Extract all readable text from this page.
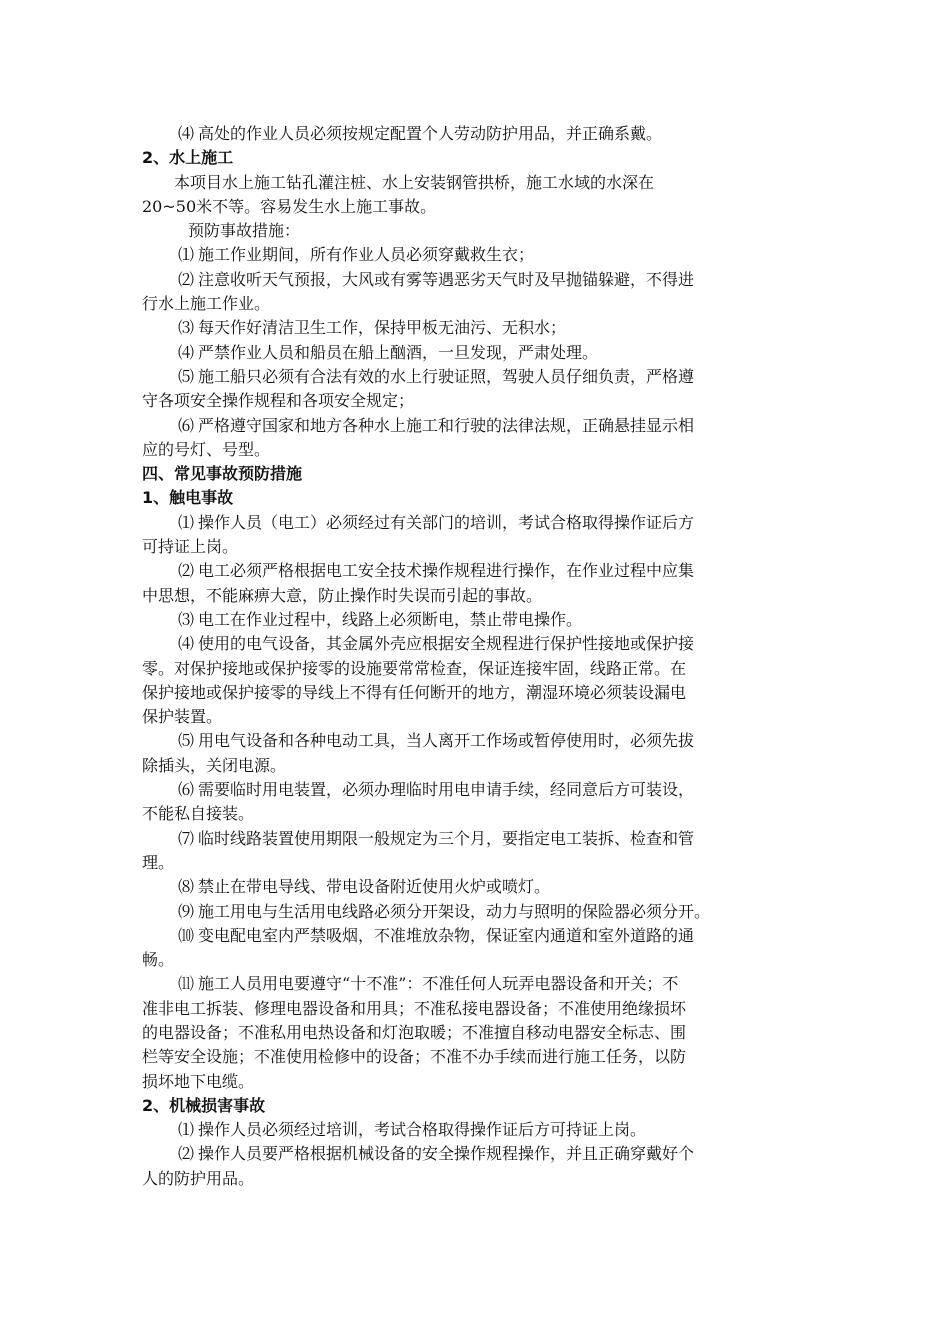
⑷ 高处的作业人员必须按规定配置个人劳动防护用品，并正确系戴。
2、水上施工
本项目水上施工钻孔灌注桩、水上安装钢管拱桥，施工水域的水深在
20~50米不等。容易发生水上施工事故。
预防事故措施：
⑴ 施工作业期间，所有作业人员必须穿戴救生衣；
⑵ 注意收听天气预报，大风或有雾等遇恶劣天气时及早抛锚躲避，不得进
行水上施工作业。
⑶ 每天作好清洁卫生工作，保持甲板无油污、无积水；
⑷ 严禁作业人员和船员在船上酗酒，一旦发现，严肃处理。
⑸ 施工船只必须有合法有效的水上行驶证照，驾驶人员仔细负责，严格遵
守各项安全操作规程和各项安全规定；
⑹ 严格遵守国家和地方各种水上施工和行驶的法律法规，正确悬挂显示相
应的号灯、号型。
四、常见事故预防措施
1、触电事故
⑴ 操作人员（电工）必须经过有关部门的培训，考试合格取得操作证后方
可持证上岗。
⑵ 电工必须严格根据电工安全技术操作规程进行操作，在作业过程中应集
中思想，不能麻痹大意，防止操作时失误而引起的事故。
⑶ 电工在作业过程中，线路上必须断电，禁止带电操作。
⑷ 使用的电气设备，其金属外壳应根据安全规程进行保护性接地或保护接
零。对保护接地或保护接零的设施要常常检查，保证连接牢固，线路正常。在
保护接地或保护接零的导线上不得有任何断开的地方，潮湿环境必须装设漏电
保护装置。
⑸ 用电气设备和各种电动工具，当人离开工作场或暂停使用时，必须先拔
除插头，关闭电源。
⑹ 需要临时用电装置，必须办理临时用电申请手续，经同意后方可装设，
不能私自接装。
⑺ 临时线路装置使用期限一般规定为三个月，要指定电工装拆、检查和管
理。
⑻ 禁止在带电导线、带电设备附近使用火炉或喷灯。
⑼ 施工用电与生活用电线路必须分开架设，动力与照明的保险器必须分开。
⑽ 变电配电室内严禁吸烟，不准堆放杂物，保证室内通道和室外道路的通
畅。
⑾ 施工人员用电要遵守“十不准”：不准任何人玩弄电器设备和开关；不
准非电工拆装、修理电器设备和用具；不准私接电器设备；不准使用绝缘损坏
的电器设备；不准私用电热设备和灯泡取暖；不准擅自移动电器安全标志、围
栏等安全设施；不准使用检修中的设备；不准不办手续而进行施工任务，以防
损坏地下电缆。
2、机械损害事故
⑴ 操作人员必须经过培训，考试合格取得操作证后方可持证上岗。
⑵ 操作人员要严格根据机械设备的安全操作规程操作，并且正确穿戴好个
人的防护用品。
